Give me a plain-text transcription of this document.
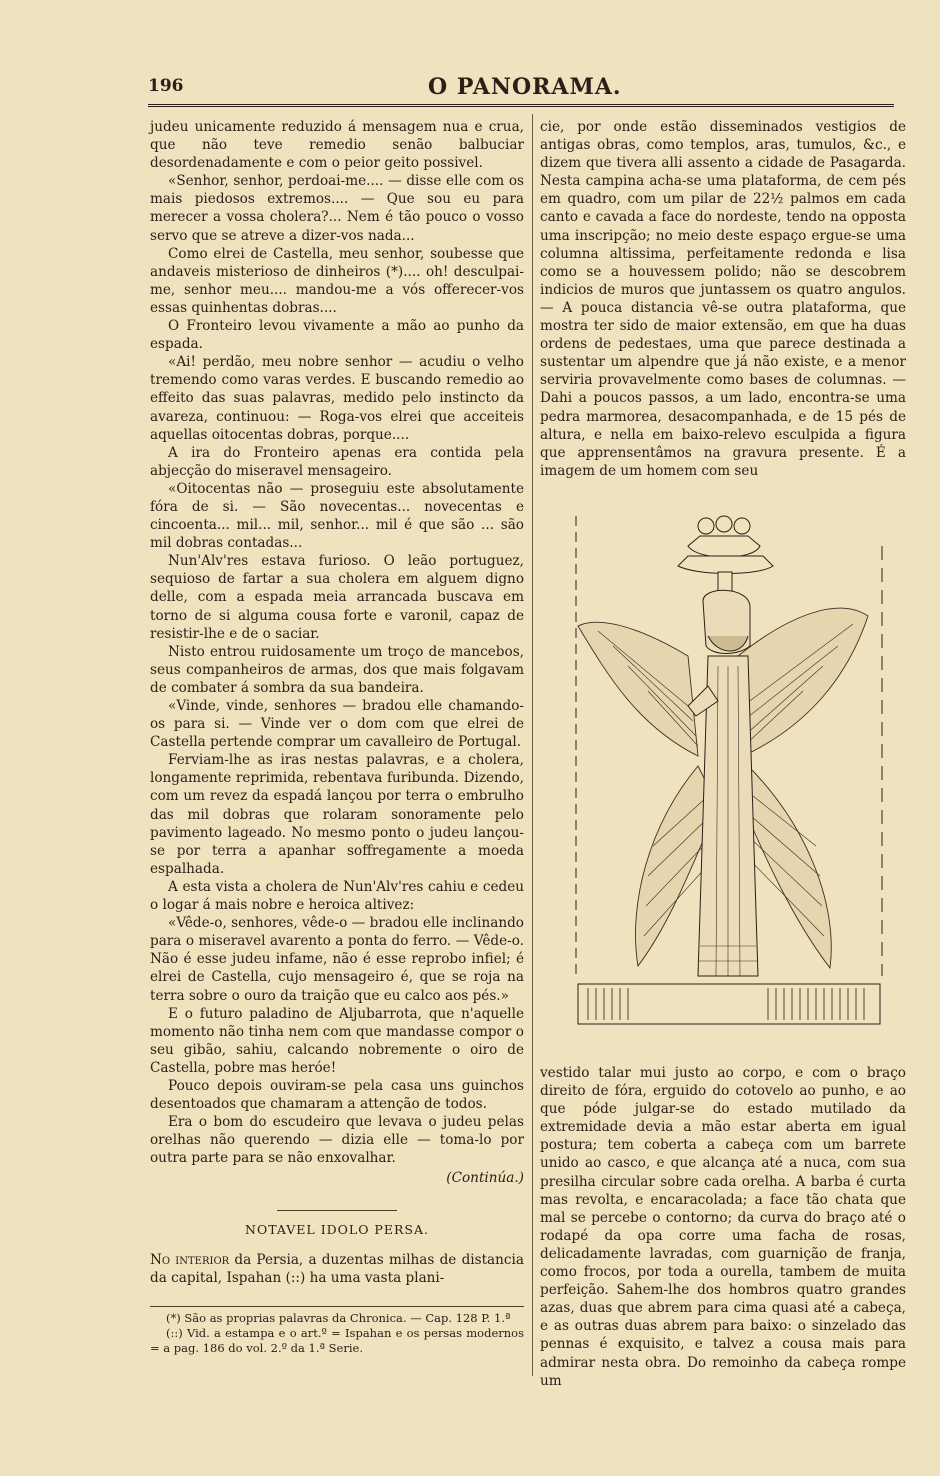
196	O PANORAMA.

judeu unicamente reduzido á mensagem nua e crua, que não teve remedio senão balbuciar desordenadamente e com o peior geito possivel.

«Senhor, senhor, perdoai-me.... — disse elle com os mais piedosos extremos.... — Que sou eu para merecer a vossa cholera?... Nem é tão pouco o vosso servo que se atreve a dizer-vos nada...

Como elrei de Castella, meu senhor, soubesse que andaveis misterioso de dinheiros (*).... oh! desculpai-me, senhor meu.... mandou-me a vós offerecer-vos essas quinhentas dobras....

O Fronteiro levou vivamente a mão ao punho da espada.

«Ai! perdão, meu nobre senhor — acudiu o velho tremendo como varas verdes. E buscando remedio ao effeito das suas palavras, medido pelo instincto da avareza, continuou: — Roga-vos elrei que acceiteis aquellas oitocentas dobras, porque....

A ira do Fronteiro apenas era contida pela abjecção do miseravel mensageiro.

«Oitocentas não — proseguiu este absolutamente fóra de si. — São novecentas... novecentas e cincoenta... mil... mil, senhor... mil é que são ... são mil dobras contadas...

Nun'Alv'res estava furioso. O leão portuguez, sequioso de fartar a sua cholera em alguem digno delle, com a espada meia arrancada buscava em torno de si alguma cousa forte e varonil, capaz de resistir-lhe e de o saciar.

Nisto entrou ruidosamente um troço de mancebos, seus companheiros de armas, dos que mais folgavam de combater á sombra da sua bandeira.

«Vinde, vinde, senhores — bradou elle chamando-os para si. — Vinde ver o dom com que elrei de Castella pertende comprar um cavalleiro de Portugal.

Ferviam-lhe as iras nestas palavras, e a cholera, longamente reprimida, rebentava furibunda. Dizendo, com um revez da espadá lançou por terra o embrulho das mil dobras que rolaram sonoramente pelo pavimento lageado. No mesmo ponto o judeu lançou-se por terra a apanhar soffregamente a moeda espalhada.

A esta vista a cholera de Nun'Alv'res cahiu e cedeu o logar á mais nobre e heroica altivez:

«Vêde-o, senhores, vêde-o — bradou elle inclinando para o miseravel avarento a ponta do ferro. — Vêde-o. Não é esse judeu infame, não é esse reprobo infiel; é elrei de Castella, cujo mensageiro é, que se roja na terra sobre o ouro da traição que eu calco aos pés.»

E o futuro paladino de Aljubarrota, que n'aquelle momento não tinha nem com que mandasse compor o seu gibão, sahiu, calcando nobremente o oiro de Castella, pobre mas heróe!

Pouco depois ouviram-se pela casa uns guinchos desentoados que chamaram a attenção de todos.

Era o bom do escudeiro que levava o judeu pelas orelhas não querendo — dizia elle — toma-lo por outra parte para se não enxovalhar.

(Continúa.)
NOTAVEL IDOLO PERSA.

No interior da Persia, a duzentas milhas de distancia da capital, Ispahan (::) ha uma vasta plani-

(*) São as proprias palavras da Chronica. — Cap. 128 P. 1.ª

(::) Vid. a estampa e o art.º = Ispahan e os persas modernos = a pag. 186 do vol. 2.º da 1.ª Serie.

cie, por onde estão disseminados vestigios de antigas obras, como templos, aras, tumulos, &c., e dizem que tivera alli assento a cidade de Pasagarda. Nesta campina acha-se uma plataforma, de cem pés em quadro, com um pilar de 22½ palmos em cada canto e cavada a face do nordeste, tendo na opposta uma inscripção; no meio deste espaço ergue-se uma columna altissima, perfeitamente redonda e lisa como se a houvessem polido; não se descobrem indicios de muros que juntassem os quatro angulos. — A pouca distancia vê-se outra plataforma, que mostra ter sido de maior extensão, em que ha duas ordens de pedestaes, uma que parece destinada a sustentar um alpendre que já não existe, e a menor serviria provavelmente como bases de columnas. — Dahi a poucos passos, a um lado, encontra-se uma pedra marmorea, desacompanhada, e de 15 pés de altura, e nella em baixo-relevo esculpida a figura que apprensentâmos na gravura presente. É a imagem de um homem com seu

vestido talar mui justo ao corpo, e com o braço direito de fóra, erguido do cotovelo ao punho, e ao que póde julgar-se do estado mutilado da extremidade devia a mão estar aberta em igual postura; tem coberta a cabeça com um barrete unido ao casco, e que alcança até a nuca, com sua presilha circular sobre cada orelha. A barba é curta mas revolta, e encaracolada; a face tão chata que mal se percebe o contorno; da curva do braço até o rodapé da opa corre uma facha de rosas, delicadamente lavradas, com guarnição de franja, como frocos, por toda a ourella, tambem de muita perfeição. Sahem-lhe dos hombros quatro grandes azas, duas que abrem para cima quasi até a cabeça, e as outras duas abrem para baixo: o sinzelado das pennas é exquisito, e talvez a cousa mais para admirar nesta obra. Do remoinho da cabeça rompe um
